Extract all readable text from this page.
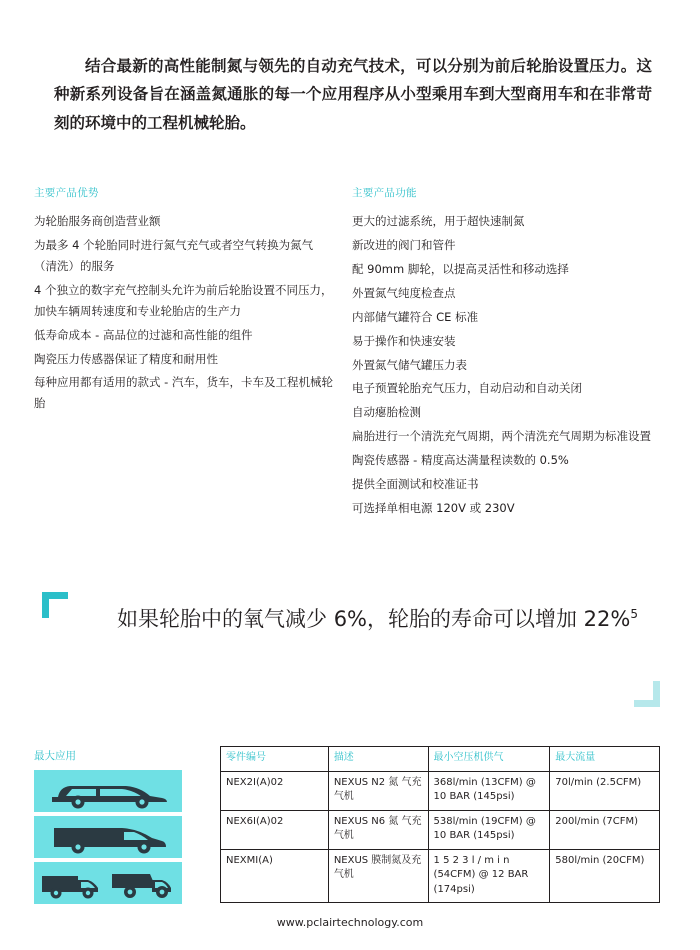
结合最新的高性能制氮与领先的自动充气技术，可以分别为前后轮胎设置压力。这种新系列设备旨在涵盖氮通胀的每一个应用程序从小型乘用车到大型商用车和在非常苛刻的环境中的工程机械轮胎。

主要产品优势
为轮胎服务商创造营业额
为最多 4 个轮胎同时进行氮气充气或者空气转换为氮气（清洗）的服务
4 个独立的数字充气控制头允许为前后轮胎设置不同压力，加快车辆周转速度和专业轮胎店的生产力
低寿命成本 - 高品位的过滤和高性能的组件
陶瓷压力传感器保证了精度和耐用性
每种应用都有适用的款式 - 汽车，货车，卡车及工程机械轮胎
主要产品功能
更大的过滤系统，用于超快速制氮
新改进的阀门和管件
配 90mm 脚轮，以提高灵活性和移动选择
外置氮气纯度检查点
内部储气罐符合 CE 标准
易于操作和快速安装
外置氮气储气罐压力表
电子预置轮胎充气压力，自动启动和自动关闭
自动瘪胎检测
扁胎进行一个清洗充气周期，两个清洗充气周期为标准设置
陶瓷传感器 - 精度高达满量程读数的 0.5%
提供全面测试和校准证书
可选择单相电源 120V 或 230V
如果轮胎中的氧气减少 6%，轮胎的寿命可以增加 22%$^5$
最大应用	零件编号	描述	最小空压机供气	最大流量
NEX2I(A)02	NEXUS N2 氮 气充气机	368l/min (13CFM) @ 10 BAR (145psi)	70l/min (2.5CFM)
NEX6I(A)02	NEXUS N6 氮 气充气机	538l/min (19CFM) @ 10 BAR (145psi)	200l/min (7CFM)
NEXMI(A)	NEXUS 膜制氮及充气机	1 5 2 3 l / m i n (54CFM) @ 12 BAR (174psi)	580l/min (20CFM)
www.pclairtechnology.com
